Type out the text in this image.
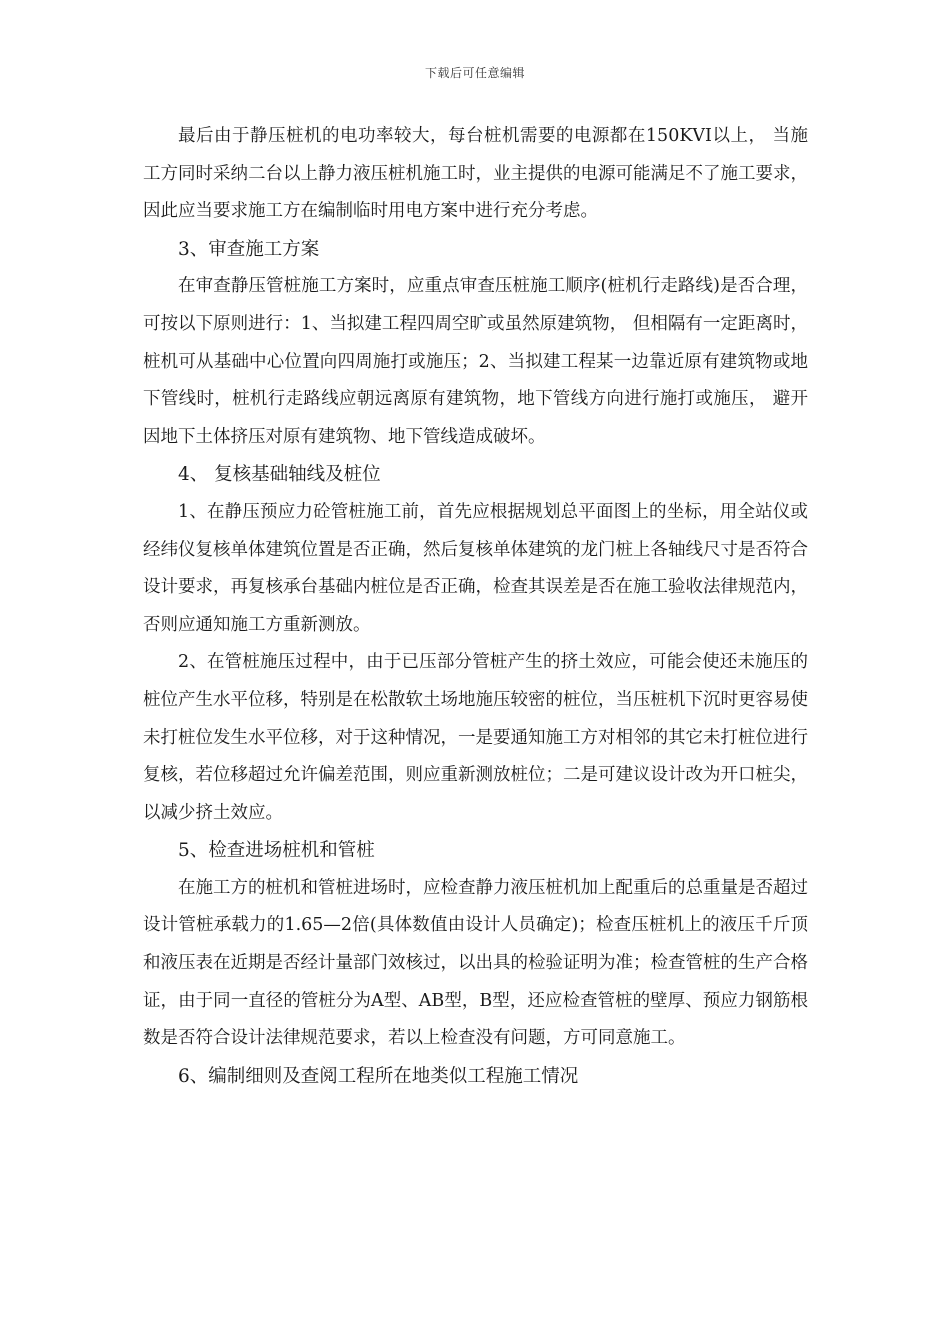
下载后可任意编辑

最后由于静压桩机的电功率较大，每台桩机需要的电源都在150KVI以上， 当施工方同时采纳二台以上静力液压桩机施工时，业主提供的电源可能满足不了施工要求， 因此应当要求施工方在编制临时用电方案中进行充分考虑。

3、审查施工方案

在审查静压管桩施工方案时，应重点审查压桩施工顺序(桩机行走路线)是否合理，可按以下原则进行：1、当拟建工程四周空旷或虽然原建筑物， 但相隔有一定距离时，桩机可从基础中心位置向四周施打或施压；2、当拟建工程某一边靠近原有建筑物或地下管线时，桩机行走路线应朝远离原有建筑物，地下管线方向进行施打或施压， 避开因地下土体挤压对原有建筑物、地下管线造成破坏。

4、 复核基础轴线及桩位

1、在静压预应力砼管桩施工前，首先应根据规划总平面图上的坐标，用全站仪或经纬仪复核单体建筑位置是否正确，然后复核单体建筑的龙门桩上各轴线尺寸是否符合设计要求，再复核承台基础内桩位是否正确，检查其误差是否在施工验收法律规范内，否则应通知施工方重新测放。

2、在管桩施压过程中，由于已压部分管桩产生的挤土效应，可能会使还未施压的桩位产生水平位移，特别是在松散软土场地施压较密的桩位，当压桩机下沉时更容易使未打桩位发生水平位移，对于这种情况，一是要通知施工方对相邻的其它未打桩位进行复核，若位移超过允许偏差范围，则应重新测放桩位；二是可建议设计改为开口桩尖，以减少挤土效应。

5、检查进场桩机和管桩

在施工方的桩机和管桩进场时，应检查静力液压桩机加上配重后的总重量是否超过设计管桩承载力的1.65—2倍(具体数值由设计人员确定)；检查压桩机上的液压千斤顶和液压表在近期是否经计量部门效核过，以出具的检验证明为准；检查管桩的生产合格证，由于同一直径的管桩分为A型、AB型，B型，还应检查管桩的壁厚、预应力钢筋根数是否符合设计法律规范要求，若以上检查没有问题，方可同意施工。

6、编制细则及查阅工程所在地类似工程施工情况
